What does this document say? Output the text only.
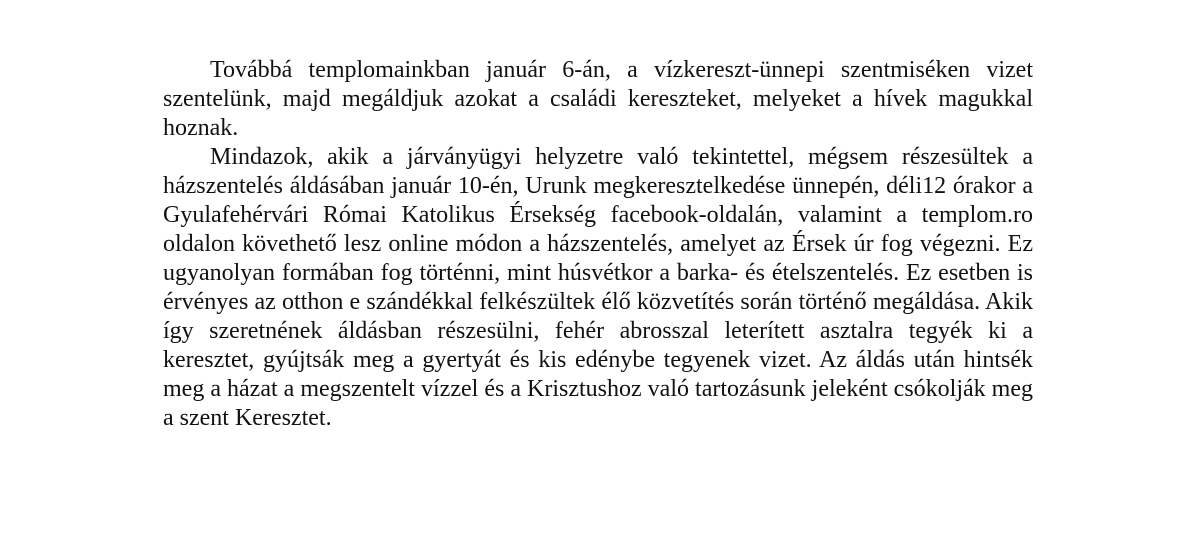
Továbbá templomainkban január 6-án, a vízkereszt-ünnepi szentmiséken vizet szentelünk, majd megáldjuk azokat a családi kereszteket, melyeket a hívek magukkal hoznak.

Mindazok, akik a járványügyi helyzetre való tekintettel, mégsem részesültek a házszentelés áldásában január 10-én, Urunk megkeresztelkedése ünnepén, déli12 órakor a Gyulafehérvári Római Katolikus Érsekség facebook-oldalán, valamint a templom.ro oldalon követhető lesz online módon a házszentelés, amelyet az Érsek úr fog végezni. Ez ugyanolyan formában fog történni, mint húsvétkor a barka- és ételszentelés. Ez esetben is érvényes az otthon e szándékkal felkészültek élő közvetítés során történő megáldása. Akik így szeretnének áldásban részesülni, fehér abrosszal leterített asztalra tegyék ki a keresztet, gyújtsák meg a gyertyát és kis edénybe tegyenek vizet. Az áldás után hintsék meg a házat a megszentelt vízzel és a Krisztushoz való tartozásunk jeleként csókolják meg a szent Keresztet.
